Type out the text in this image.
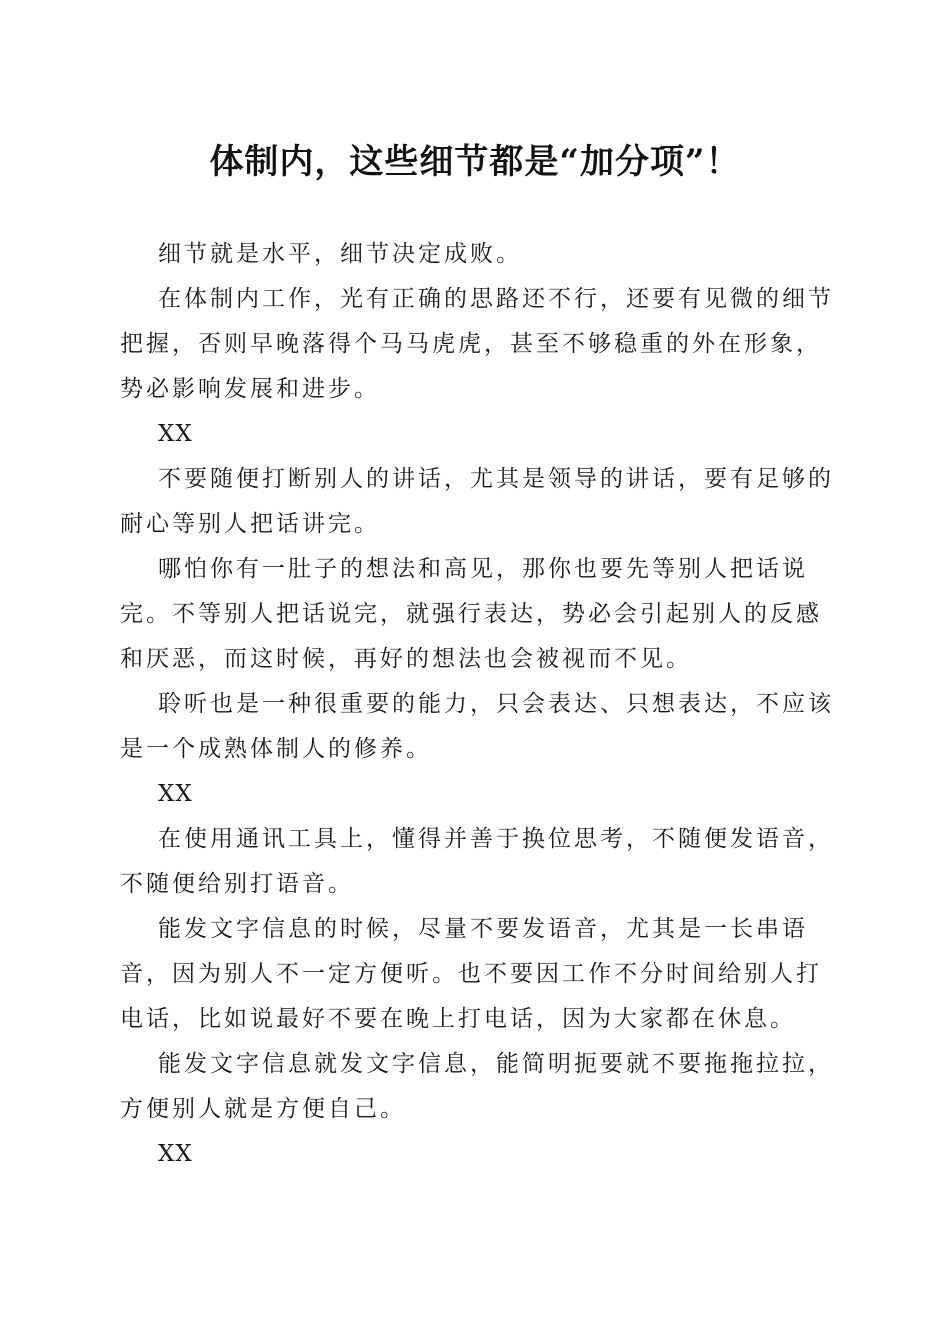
体制内，这些细节都是“加分项”！

细节就是水平，细节决定成败。

在体制内工作，光有正确的思路还不行，还要有见微的细节把握，否则早晚落得个马马虎虎，甚至不够稳重的外在形象，势必影响发展和进步。

XX

不要随便打断别人的讲话，尤其是领导的讲话，要有足够的耐心等别人把话讲完。

哪怕你有一肚子的想法和高见，那你也要先等别人把话说完。不等别人把话说完，就强行表达，势必会引起别人的反感和厌恶，而这时候，再好的想法也会被视而不见。

聆听也是一种很重要的能力，只会表达、只想表达，不应该是一个成熟体制人的修养。

XX

在使用通讯工具上，懂得并善于换位思考，不随便发语音，不随便给别打语音。

能发文字信息的时候，尽量不要发语音，尤其是一长串语音，因为别人不一定方便听。也不要因工作不分时间给别人打电话，比如说最好不要在晚上打电话，因为大家都在休息。

能发文字信息就发文字信息，能简明扼要就不要拖拖拉拉，方便别人就是方便自己。

XX
